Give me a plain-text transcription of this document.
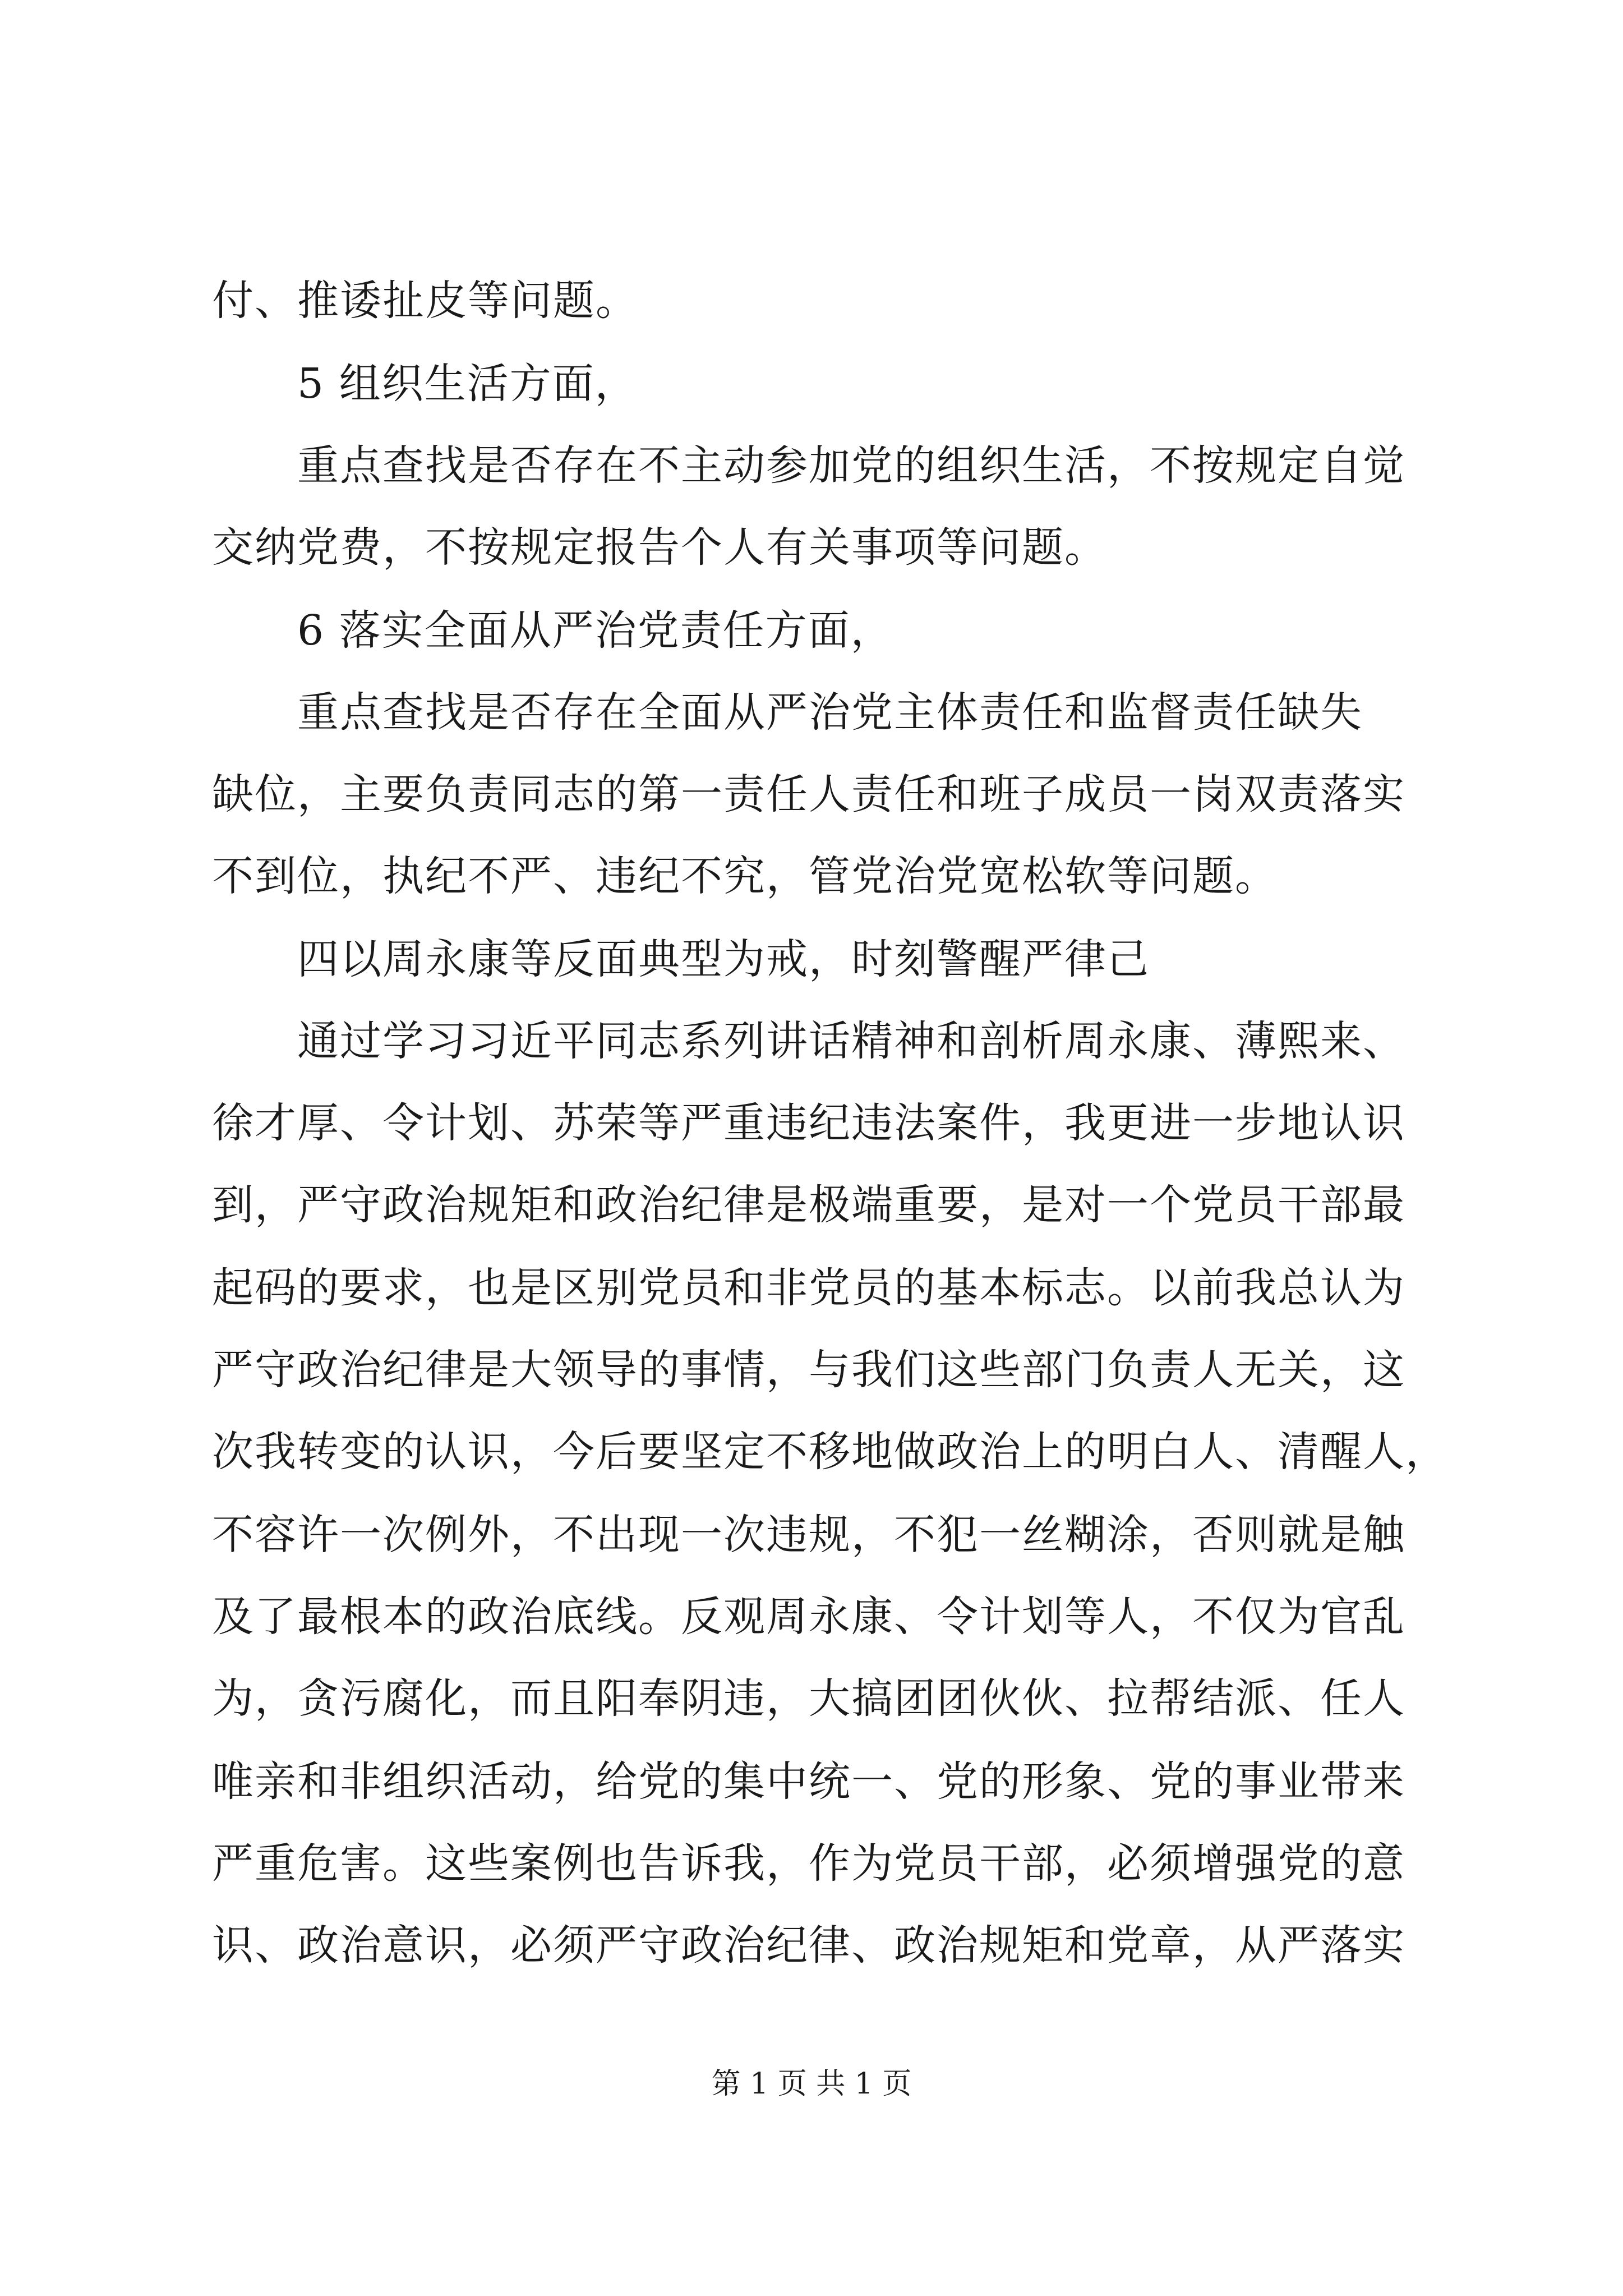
付、推诿扯皮等问题。
5 组织生活方面，
重点查找是否存在不主动参加党的组织生活，不按规定自觉
交纳党费，不按规定报告个人有关事项等问题。
6 落实全面从严治党责任方面，
重点查找是否存在全面从严治党主体责任和监督责任缺失
缺位，主要负责同志的第一责任人责任和班子成员一岗双责落实
不到位，执纪不严、违纪不究，管党治党宽松软等问题。
四以周永康等反面典型为戒，时刻警醒严律己
通过学习习近平同志系列讲话精神和剖析周永康、薄熙来、
徐才厚、令计划、苏荣等严重违纪违法案件，我更进一步地认识
到，严守政治规矩和政治纪律是极端重要，是对一个党员干部最
起码的要求，也是区别党员和非党员的基本标志。以前我总认为
严守政治纪律是大领导的事情，与我们这些部门负责人无关，这
次我转变的认识，今后要坚定不移地做政治上的明白人、清醒人，
不容许一次例外，不出现一次违规，不犯一丝糊涂，否则就是触
及了最根本的政治底线。反观周永康、令计划等人，不仅为官乱
为，贪污腐化，而且阳奉阴违，大搞团团伙伙、拉帮结派、任人
唯亲和非组织活动，给党的集中统一、党的形象、党的事业带来
严重危害。这些案例也告诉我，作为党员干部，必须增强党的意
识、政治意识，必须严守政治纪律、政治规矩和党章，从严落实
第 1 页 共 1 页
